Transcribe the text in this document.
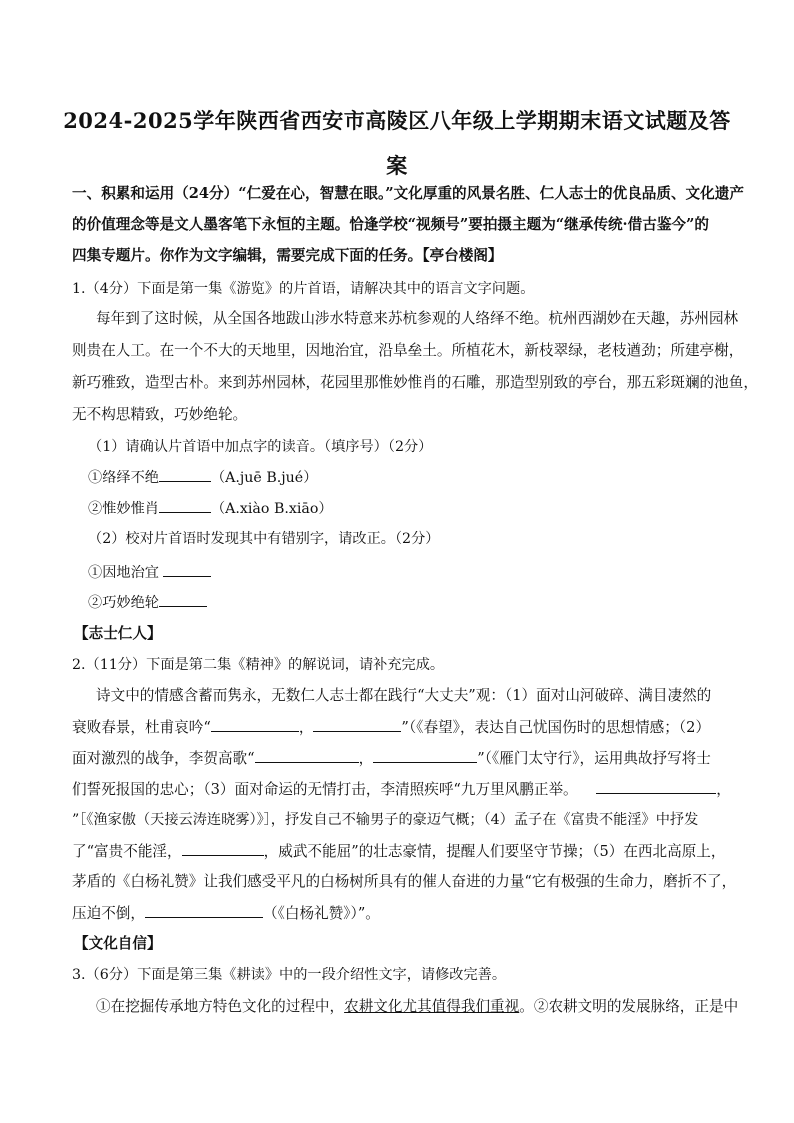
2024-2025学年陕西省西安市高陵区八年级上学期期末语文试题及答
案
一、积累和运用（24分）“仁爱在心，智慧在眼。”文化厚重的风景名胜、仁人志士的优良品质、文化遗产
的价值理念等是文人墨客笔下永恒的主题。恰逢学校“视频号”要拍摄主题为“继承传统·借古鉴今”的
四集专题片。你作为文字编辑，需要完成下面的任务。【亭台楼阁】
1.（4分）下面是第一集《游览》的片首语，请解决其中的语言文字问题。
每年到了这时候，从全国各地跋山涉水特意来苏杭参观的人络绎不绝。杭州西湖妙在天趣，苏州园林
则贵在人工。在一个不大的天地里，因地治宜，沿阜垒土。所植花木，新枝翠绿，老枝遒劲；所建亭榭，
新巧雅致，造型古朴。来到苏州园林，花园里那惟妙惟肖的石雕，那造型别致的亭台，那五彩斑斓的池鱼，
无不构思精致，巧妙绝轮。
（1）请确认片首语中加点字的读音。（填序号）（2分）
①络绎不绝	（A.juē B.jué）
②惟妙惟肖	（A.xiào B.xiāo）
（2）校对片首语时发现其中有错别字，请改正。（2分）
①因地治宜
②巧妙绝轮
【志士仁人】
2.（11分）下面是第二集《精神》的解说词，请补充完成。
诗文中的情感含蓄而隽永，无数仁人志士都在践行“大丈夫”观：（1）面对山河破碎、满目凄然的
衰败春景，杜甫哀吟“	，	”（《春望》，表达自己忧国伤时的思想情感；（2）
面对激烈的战争，李贺高歌“	，	”（《雁门太守行》，运用典故抒写将士
们誓死报国的忠心；（3）面对命运的无情打击，李清照疾呼“九万里风鹏正举。	，
”［《渔家傲（天接云涛连晓雾）》］，抒发自己不输男子的豪迈气概；（4）孟子在《富贵不能淫》中抒发
了“富贵不能淫，	，威武不能屈”的壮志豪情，提醒人们要坚守节操；（5）在西北高原上，
茅盾的《白杨礼赞》让我们感受平凡的白杨树所具有的催人奋进的力量“它有极强的生命力，磨折不了，
压迫不倒，	（《白杨礼赞》）”。
【文化自信】
3.（6分）下面是第三集《耕读》中的一段介绍性文字，请修改完善。
①在挖掘传承地方特色文化的过程中，农耕文化尤其值得我们重视。②农耕文明的发展脉络，正是中
